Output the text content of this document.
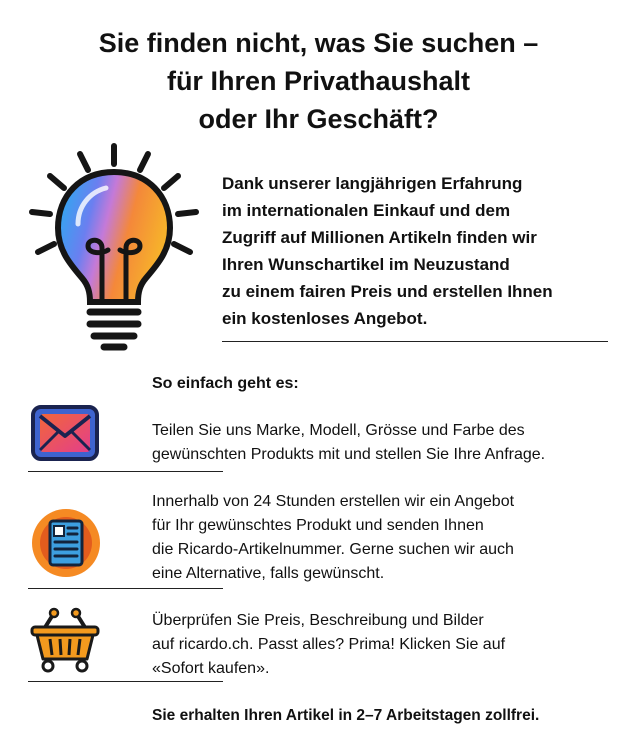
Sie finden nicht, was Sie suchen –
für Ihren Privathaushalt
oder Ihr Geschäft?
Dank unserer langjährigen Erfahrung
im internationalen Einkauf und dem
Zugriff auf Millionen Artikeln finden wir
Ihren Wunschartikel im Neuzustand
zu einem fairen Preis und erstellen Ihnen
ein kostenloses Angebot.
So einfach geht es:
Teilen Sie uns Marke, Modell, Grösse und Farbe des
gewünschten Produkts mit und stellen Sie Ihre Anfrage.
Innerhalb von 24 Stunden erstellen wir ein Angebot
für Ihr gewünschtes Produkt und senden Ihnen
die Ricardo-Artikelnummer. Gerne suchen wir auch
eine Alternative, falls gewünscht.
Überprüfen Sie Preis, Beschreibung und Bilder
auf ricardo.ch. Passt alles? Prima! Klicken Sie auf
«Sofort kaufen».
Sie erhalten Ihren Artikel in 2–7 Arbeitstagen zollfrei.
